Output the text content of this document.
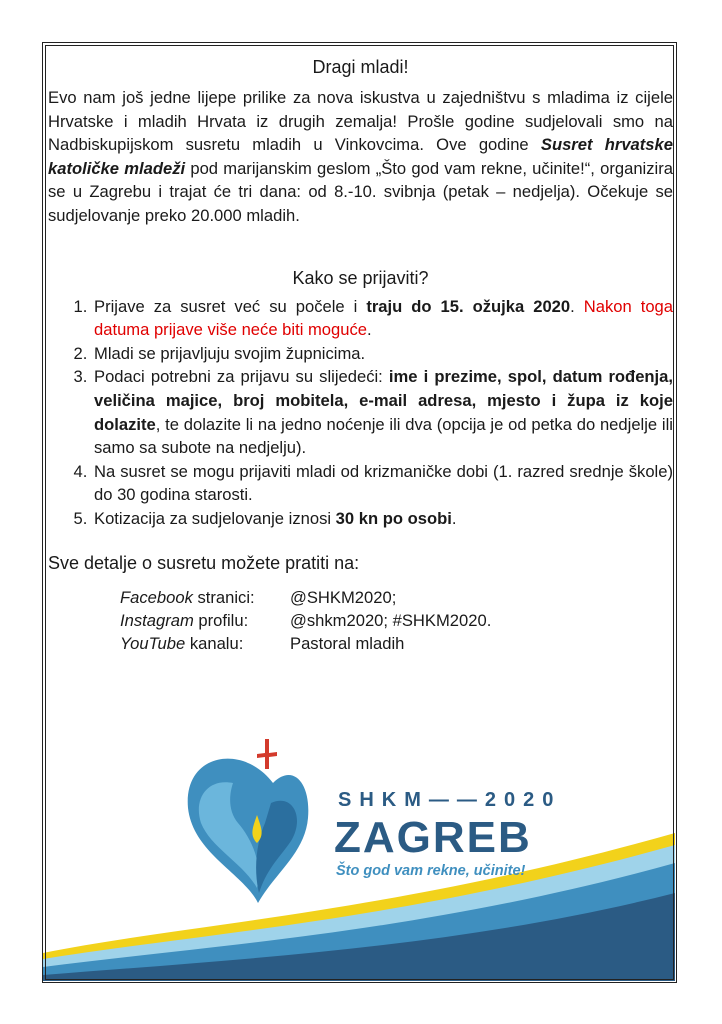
Dragi mladi!

Evo nam još jedne lijepe prilike za nova iskustva u zajedništvu s mladima iz cijele Hrvatske i mladih Hrvata iz drugih zemalja! Prošle godine sudjelovali smo na Nadbiskupijskom susretu mladih u Vinkovcima. Ove godine Susret hrvatske katoličke mladeži pod marijanskim geslom „Što god vam rekne, učinite!“, organizira se u Zagrebu i trajat će tri dana: od 8.-10. svibnja (petak – nedjelja). Očekuje se sudjelovanje preko 20.000 mladih.

Kako se prijaviti?
1. Prijave za susret već su počele i traju do 15. ožujka 2020. Nakon toga datuma prijave više neće biti moguće.
2. Mladi se prijavljuju svojim župnicima.
3. Podaci potrebni za prijavu su slijedeći: ime i prezime, spol, datum rođenja, veličina majice, broj mobitela, e-mail adresa, mjesto i župa iz koje dolazite, te dolazite li na jedno noćenje ili dva (opcija je od petka do nedjelje ili samo sa subote na nedjelju).
4. Na susret se mogu prijaviti mladi od krizmaničke dobi (1. razred srednje škole) do 30 godina starosti.
5. Kotizacija za sudjelovanje iznosi 30 kn po osobi.
Sve detalje o susretu možete pratiti na:
Facebook stranici:	@SHKM2020;
Instagram profilu:	@shkm2020; #SHKM2020.
YouTube kanalu:	Pastoral mladih
SHKM——2020
ZAGREB
Što god vam rekne, učinite!
